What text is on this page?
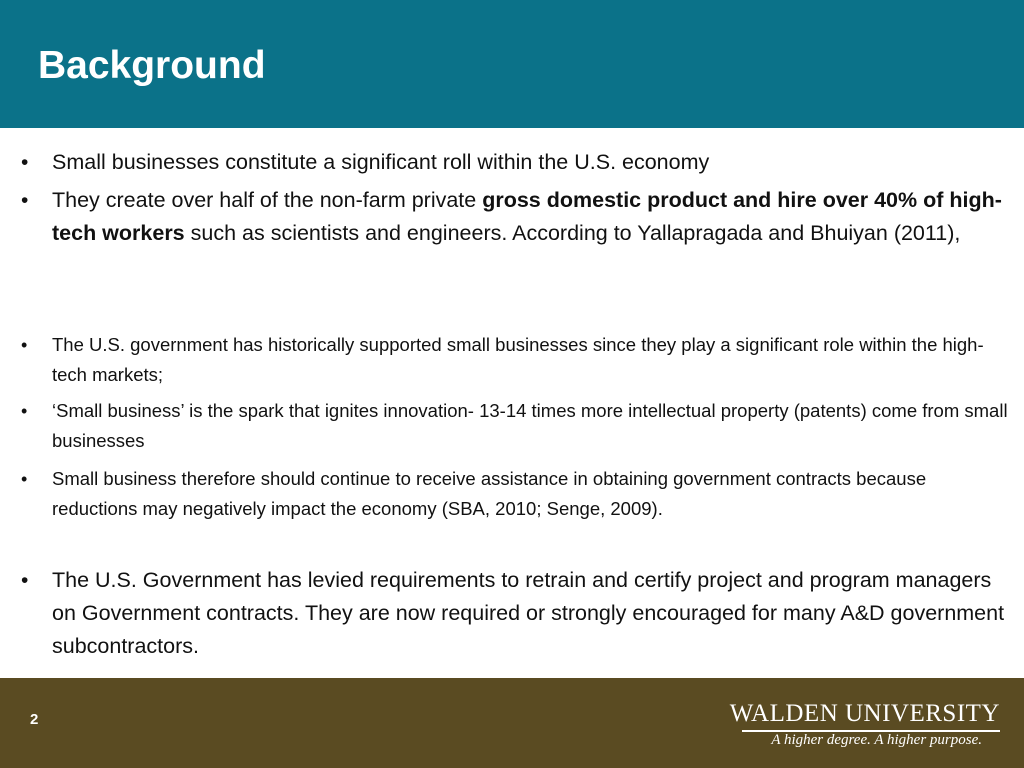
Background
• Small businesses constitute a significant roll within the U.S. economy
• They create over half of the non-farm private gross domestic product and hire over 40% of high-tech workers such as scientists and engineers. According to Yallapragada and Bhuiyan (2011),
• The U.S. government has historically supported small businesses since they play a significant role within the high-tech markets;
• ‘Small business’ is the spark that ignites innovation- 13-14 times more intellectual property (patents) come from small businesses
• Small business therefore should continue to receive assistance in obtaining government contracts because reductions may negatively impact the economy (SBA, 2010; Senge, 2009).
• The U.S. Government has levied requirements to retrain and certify project and program managers on Government contracts. They are now required or strongly encouraged for many A&D government subcontractors.
2	WALDEN UNIVERSITY
A higher degree. A higher purpose.
